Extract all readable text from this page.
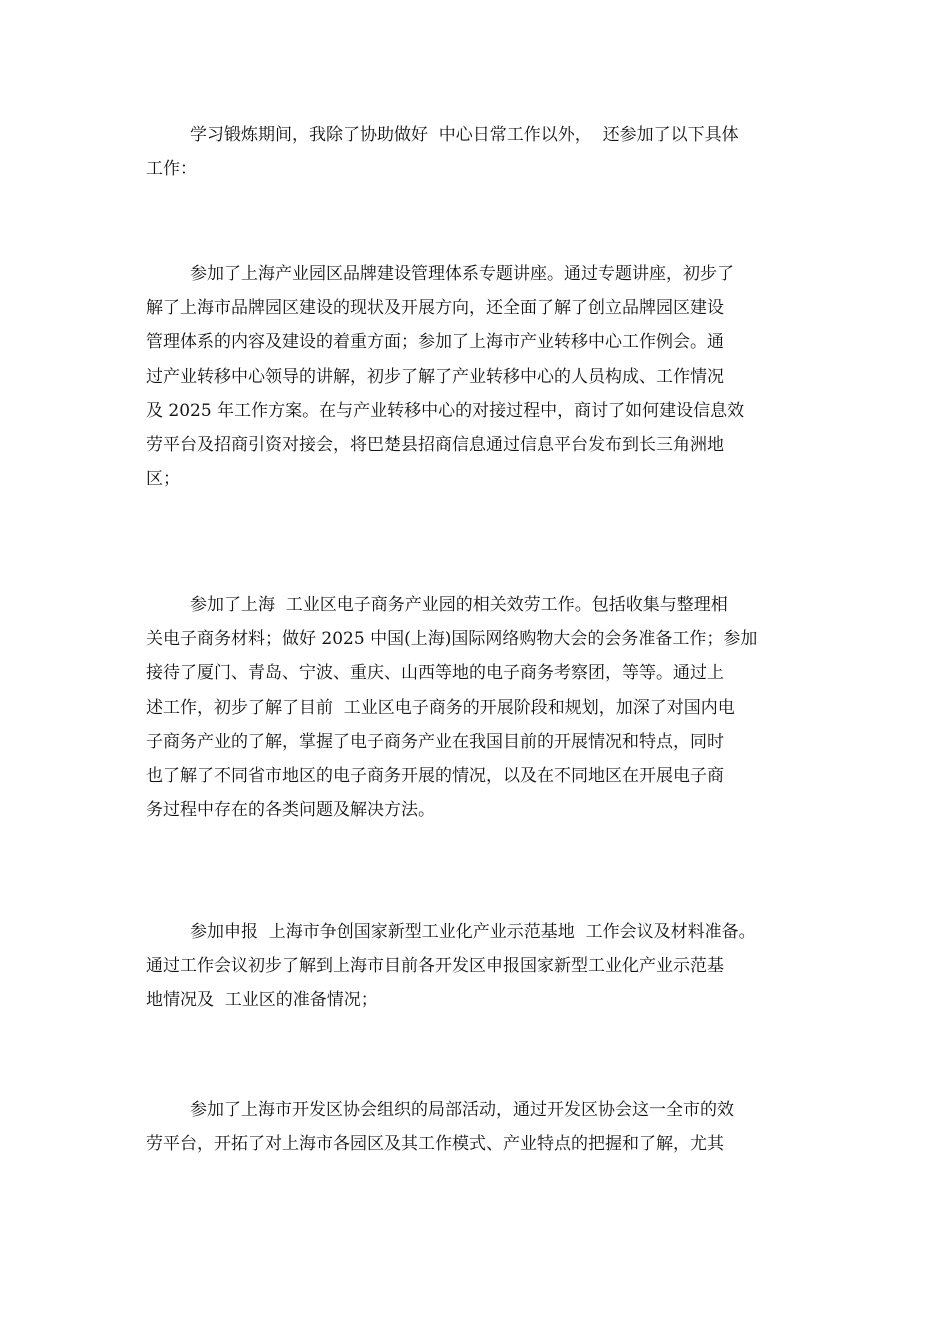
学习锻炼期间，我除了协助做好  中心日常工作以外，  还参加了以下具体
工作：

参加了上海产业园区品牌建设管理体系专题讲座。通过专题讲座，初步了
解了上海市品牌园区建设的现状及开展方向，还全面了解了创立品牌园区建设
管理体系的内容及建设的着重方面；参加了上海市产业转移中心工作例会。通
过产业转移中心领导的讲解，初步了解了产业转移中心的人员构成、工作情况
及 2025 年工作方案。在与产业转移中心的对接过程中，商讨了如何建设信息效
劳平台及招商引资对接会，将巴楚县招商信息通过信息平台发布到长三角洲地
区；

参加了上海  工业区电子商务产业园的相关效劳工作。包括收集与整理相
关电子商务材料；做好 2025 中国(上海)国际网络购物大会的会务准备工作；参加
接待了厦门、青岛、宁波、重庆、山西等地的电子商务考察团，等等。通过上
述工作，初步了解了目前  工业区电子商务的开展阶段和规划，加深了对国内电
子商务产业的了解，掌握了电子商务产业在我国目前的开展情况和特点，同时
也了解了不同省市地区的电子商务开展的情况，以及在不同地区在开展电子商
务过程中存在的各类问题及解决方法。

参加申报  上海市争创国家新型工业化产业示范基地  工作会议及材料准备。
通过工作会议初步了解到上海市目前各开发区申报国家新型工业化产业示范基
地情况及  工业区的准备情况；

参加了上海市开发区协会组织的局部活动，通过开发区协会这一全市的效
劳平台，开拓了对上海市各园区及其工作模式、产业特点的把握和了解，尤其
